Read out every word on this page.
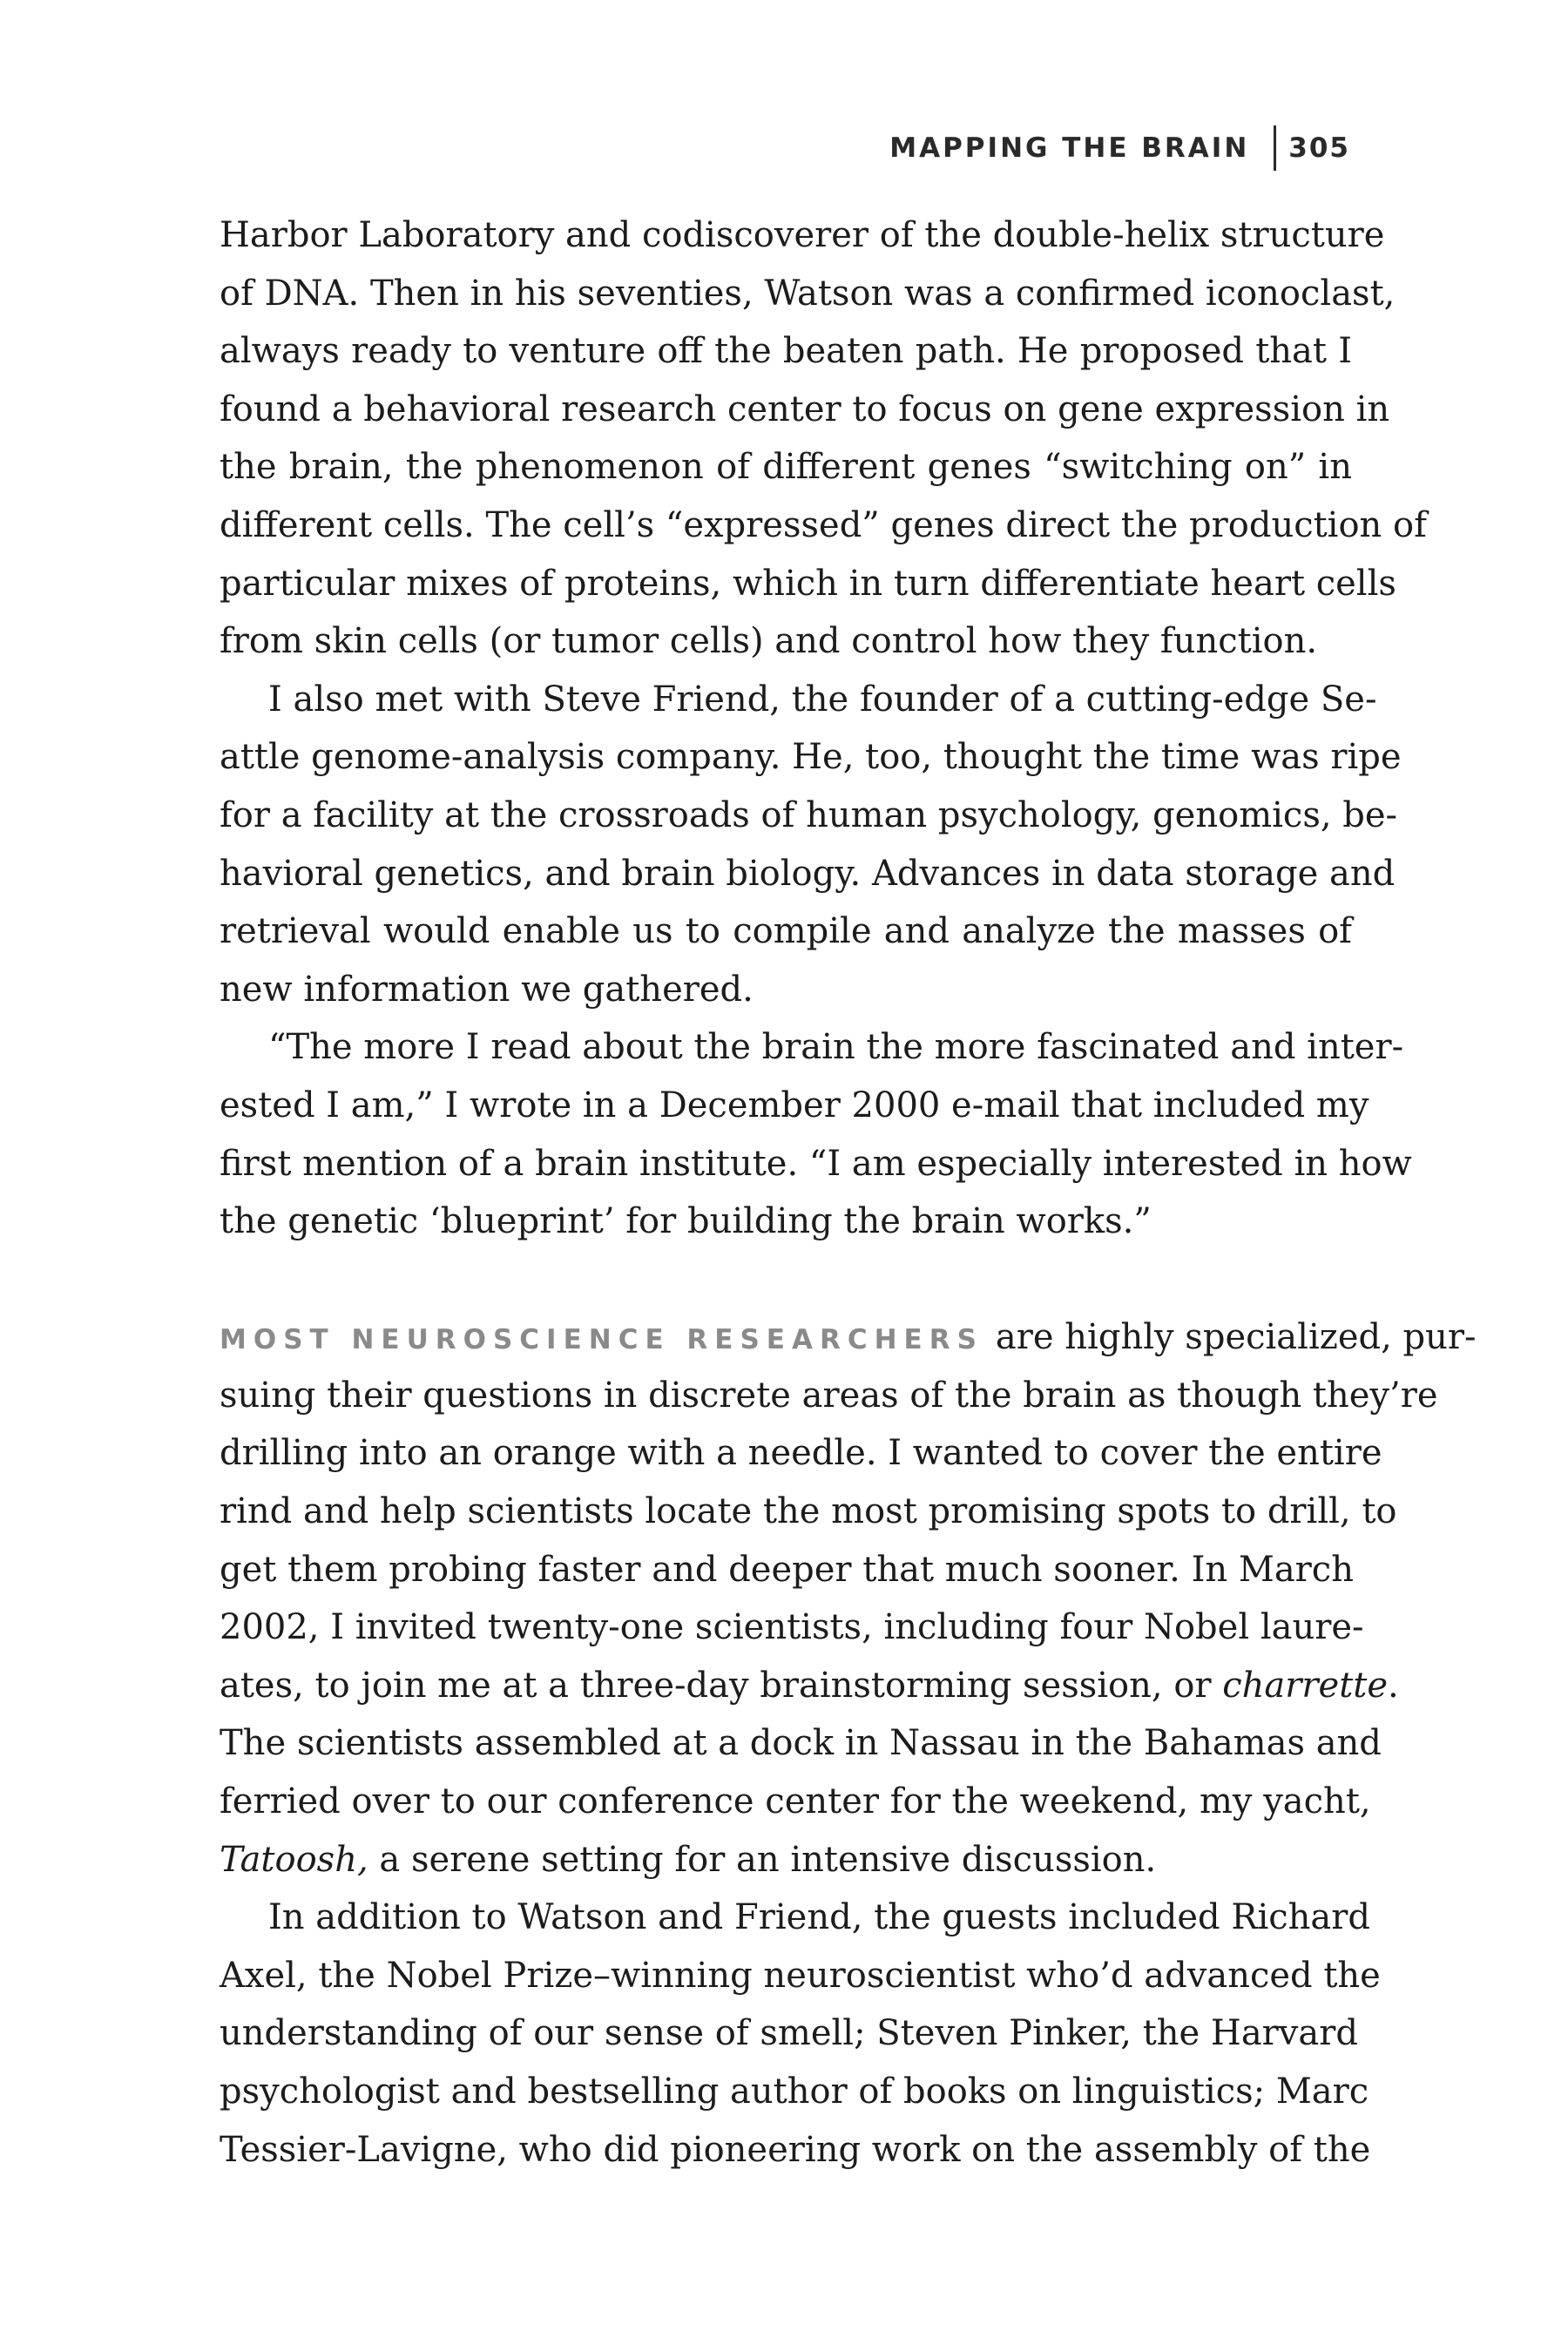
MAPPING THE BRAIN 305
Harbor Laboratory and codiscoverer of the double-helix structure
of DNA. Then in his seventies, Watson was a confirmed iconoclast,
always ready to venture off the beaten path. He proposed that I
found a behavioral research center to focus on gene expression in
the brain, the phenomenon of different genes “switching on” in
different cells. The cell’s “expressed” genes direct the production of
particular mixes of proteins, which in turn differentiate heart cells
from skin cells (or tumor cells) and control how they function.
I also met with Steve Friend, the founder of a cutting-edge Se-
attle genome-analysis company. He, too, thought the time was ripe
for a facility at the crossroads of human psychology, genomics, be-
havioral genetics, and brain biology. Advances in data storage and
retrieval would enable us to compile and analyze the masses of
new information we gathered.
“The more I read about the brain the more fascinated and inter-
ested I am,” I wrote in a December 2000 e-mail that included my
first mention of a brain institute. “I am especially interested in how
the genetic ‘blueprint’ for building the brain works.”
MOST NEUROSCIENCE RESEARCHERS are highly specialized, pur-
suing their questions in discrete areas of the brain as though they’re
drilling into an orange with a needle. I wanted to cover the entire
rind and help scientists locate the most promising spots to drill, to
get them probing faster and deeper that much sooner. In March
2002, I invited twenty-one scientists, including four Nobel laure-
ates, to join me at a three-day brainstorming session, or charrette.
The scientists assembled at a dock in Nassau in the Bahamas and
ferried over to our conference center for the weekend, my yacht,
Tatoosh, a serene setting for an intensive discussion.
In addition to Watson and Friend, the guests included Richard
Axel, the Nobel Prize–winning neuroscientist who’d advanced the
understanding of our sense of smell; Steven Pinker, the Harvard
psychologist and bestselling author of books on linguistics; Marc
Tessier-Lavigne, who did pioneering work on the assembly of the
